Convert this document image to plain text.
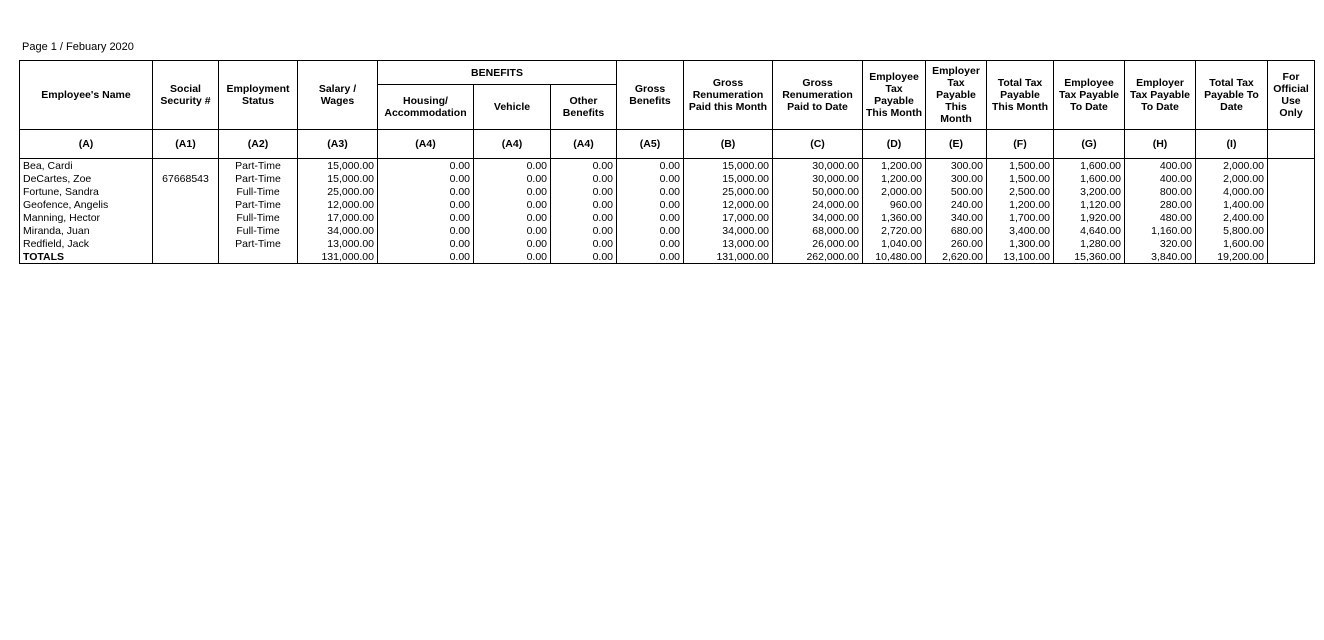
Page 1 / Febuary 2020
Employee's Name	Social Security #	Employment Status	Salary / Wages	BENEFITS			Gross Benefits	Gross Renumeration Paid this Month	Gross Renumeration Paid to Date	Employee Tax Payable This Month	Employer Tax Payable This Month	Total Tax Payable This Month	Employee Tax Payable To Date	Employer Tax Payable To Date	Total Tax Payable To Date	For Official Use Only
				Housing/ Accommodation	Vehicle	Other Benefits										
(A)	(A1)	(A2)	(A3)	(A4)	(A4)	(A4)	(A5)	(B)	(C)	(D)	(E)	(F)	(G)	(H)	(I)	
Bea, Cardi		Part-Time	15,000.00	0.00	0.00	0.00	0.00	15,000.00	30,000.00	1,200.00	300.00	1,500.00	1,600.00	400.00	2,000.00	
DeCartes, Zoe	67668543	Part-Time	15,000.00	0.00	0.00	0.00	0.00	15,000.00	30,000.00	1,200.00	300.00	1,500.00	1,600.00	400.00	2,000.00	
Fortune, Sandra		Full-Time	25,000.00	0.00	0.00	0.00	0.00	25,000.00	50,000.00	2,000.00	500.00	2,500.00	3,200.00	800.00	4,000.00	
Geofence, Angelis		Part-Time	12,000.00	0.00	0.00	0.00	0.00	12,000.00	24,000.00	960.00	240.00	1,200.00	1,120.00	280.00	1,400.00	
Manning, Hector		Full-Time	17,000.00	0.00	0.00	0.00	0.00	17,000.00	34,000.00	1,360.00	340.00	1,700.00	1,920.00	480.00	2,400.00	
Miranda, Juan		Full-Time	34,000.00	0.00	0.00	0.00	0.00	34,000.00	68,000.00	2,720.00	680.00	3,400.00	4,640.00	1,160.00	5,800.00	
Redfield, Jack		Part-Time	13,000.00	0.00	0.00	0.00	0.00	13,000.00	26,000.00	1,040.00	260.00	1,300.00	1,280.00	320.00	1,600.00	
TOTALS			131,000.00	0.00	0.00	0.00	0.00	131,000.00	262,000.00	10,480.00	2,620.00	13,100.00	15,360.00	3,840.00	19,200.00	
